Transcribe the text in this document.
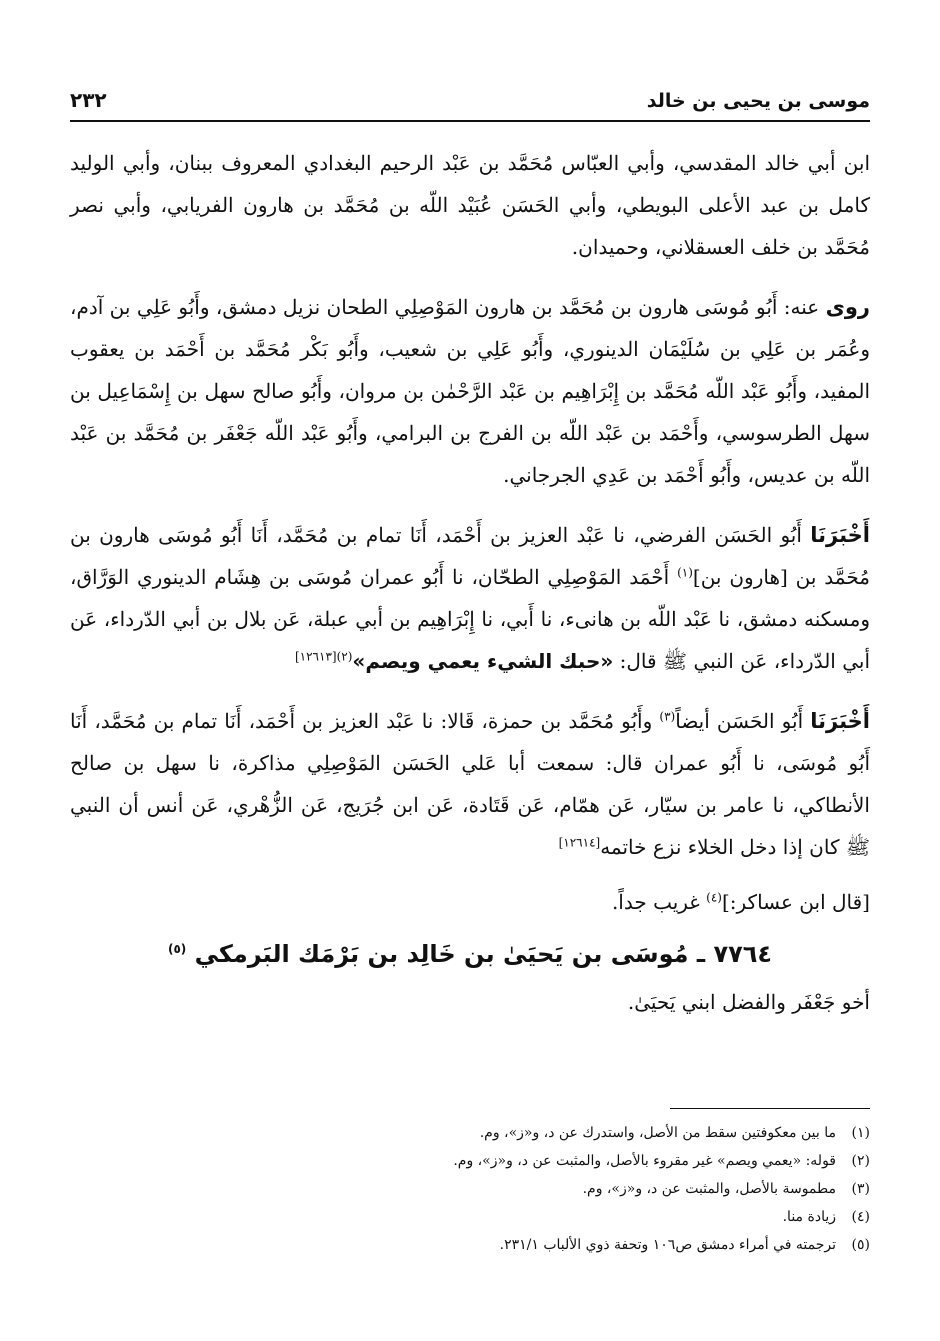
موسى بن يحيى بن خالد
٢٣٢

ابن أبي خالد المقدسي، وأبي العبّاس مُحَمَّد بن عَبْد الرحيم البغدادي المعروف ببنان، وأبي الوليد كامل بن عبد الأعلى البويطي، وأبي الحَسَن عُبَيْد اللّه بن مُحَمَّد بن هارون الفريابي، وأبي نصر مُحَمَّد بن خلف العسقلاني، وحميدان.

روى عنه: أَبُو مُوسَى هارون بن مُحَمَّد بن هارون المَوْصِلِي الطحان نزيل دمشق، وأَبُو عَلِي بن آدم، وعُمَر بن عَلِي بن سُلَيْمَان الدينوري، وأَبُو عَلِي بن شعيب، وأَبُو بَكْر مُحَمَّد بن أَحْمَد بن يعقوب المفيد، وأَبُو عَبْد اللّه مُحَمَّد بن إِبْرَاهِيم بن عَبْد الرَّحْمٰن بن مروان، وأَبُو صالح سهل بن إِسْمَاعِيل بن سهل الطرسوسي، وأَحْمَد بن عَبْد اللّه بن الفرج بن البرامي، وأَبُو عَبْد اللّه جَعْفَر بن مُحَمَّد بن عَبْد اللّه بن عديس، وأَبُو أَحْمَد بن عَدِي الجرجاني.

أَخْبَرَنَا أَبُو الحَسَن الفرضي، نا عَبْد العزيز بن أَحْمَد، أَنَا تمام بن مُحَمَّد، أَنَا أَبُو مُوسَى هارون بن مُحَمَّد بن [هارون بن]$^{(١)}$ أَحْمَد المَوْصِلِي الطحّان، نا أَبُو عمران مُوسَى بن هِشَام الدينوري الوَرَّاق، ومسكنه دمشق، نا عَبْد اللّه بن هانىء، نا أَبي، نا إِبْرَاهِيم بن أبي عبلة، عَن بلال بن أبي الدّرداء، عَن أبي الدّرداء، عَن النبي ﷺ قال: «حبك الشيء يعمي ويصم»$^{(٢)[١٢٦١٣]}$

أَخْبَرَنَا أَبُو الحَسَن أيضاً$^{(٣)}$ وأَبُو مُحَمَّد بن حمزة، قَالا: نا عَبْد العزيز بن أَحْمَد، أَنَا تمام بن مُحَمَّد، أَنَا أَبُو مُوسَى، نا أَبُو عمران قال: سمعت أبا عَلي الحَسَن المَوْصِلِي مذاكرة، نا سهل بن صالح الأنطاكي، نا عامر بن سيّار، عَن همّام، عَن قَتَادة، عَن ابن جُرَيج، عَن الزُّهْري، عَن أنس أن النبي ﷺ كان إذا دخل الخلاء نزع خاتمه[١٢٦١٤]

[قال ابن عساكر:]$^{(٤)}$ غريب جداً.

٧٧٦٤ ـ مُوسَى بن يَحيَىٰ بن خَالِد بن بَرْمَك البَرمكي $^{(٥)}$

أخو جَعْفَر والفضل ابني يَحيَىٰ.

(١)
ما بين معكوفتين سقط من الأصل، واستدرك عن د، و«ز»، وم.
(٢)
قوله: «يعمي ويصم» غير مقروء بالأصل، والمثبت عن د، و«ز»، وم.
(٣)
مطموسة بالأصل، والمثبت عن د، و«ز»، وم.
(٤)
زيادة منا.
(٥)
ترجمته في أمراء دمشق ص١٠٦ وتحفة ذوي الألباب ٢٣١/١.
